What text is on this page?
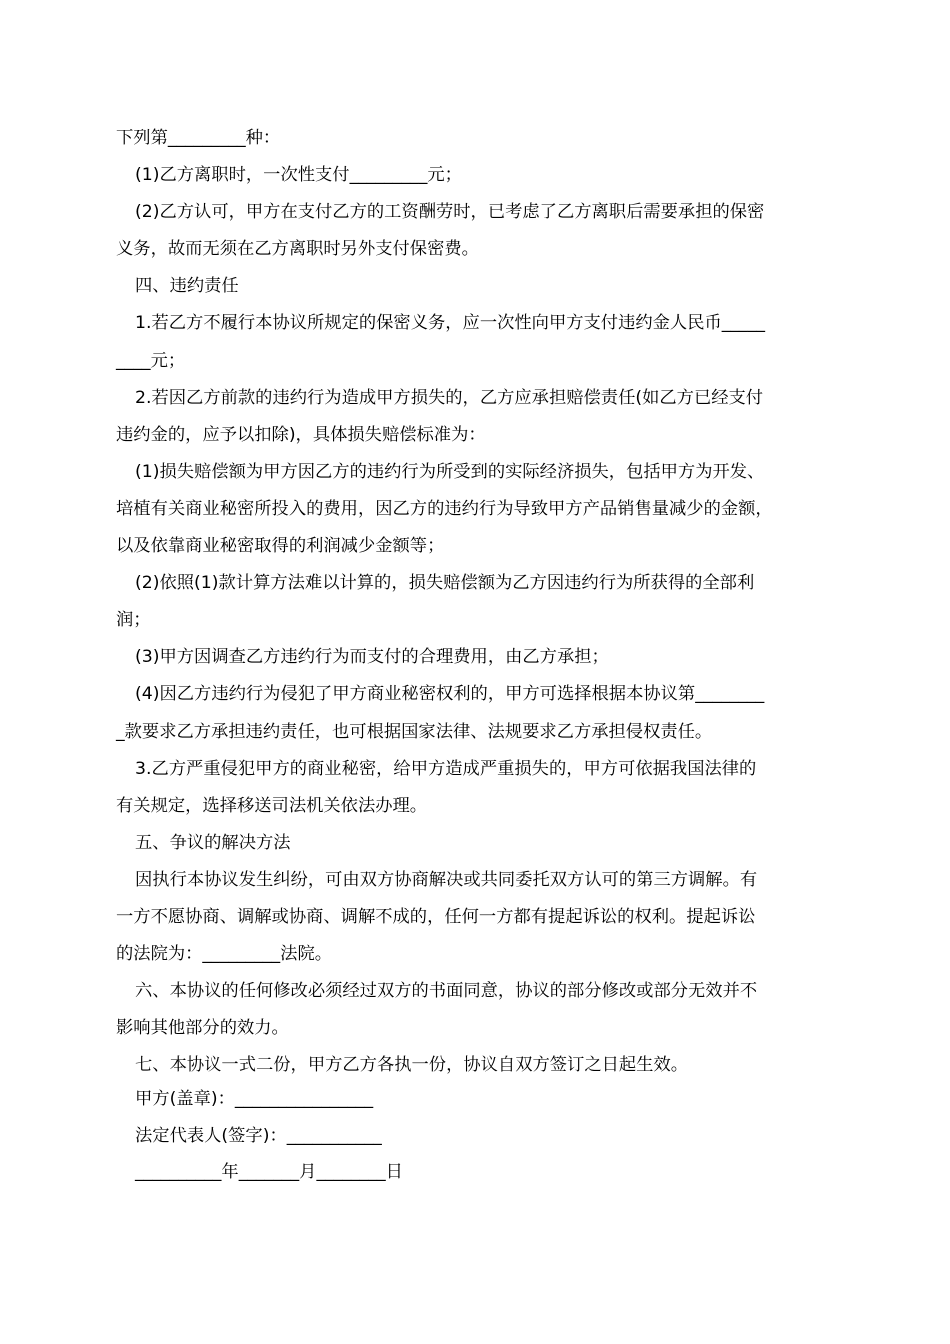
下列第_________种：
(1)乙方离职时，一次性支付_________元；
(2)乙方认可，甲方在支付乙方的工资酬劳时，已考虑了乙方离职后需要承担的保密
义务，故而无须在乙方离职时另外支付保密费。
四、违约责任
1.若乙方不履行本协议所规定的保密义务，应一次性向甲方支付违约金人民币_____
____元；
2.若因乙方前款的违约行为造成甲方损失的，乙方应承担赔偿责任(如乙方已经支付
违约金的，应予以扣除)，具体损失赔偿标准为：
(1)损失赔偿额为甲方因乙方的违约行为所受到的实际经济损失，包括甲方为开发、
培植有关商业秘密所投入的费用，因乙方的违约行为导致甲方产品销售量减少的金额，
以及依靠商业秘密取得的利润减少金额等；
(2)依照(1)款计算方法难以计算的，损失赔偿额为乙方因违约行为所获得的全部利
润；
(3)甲方因调查乙方违约行为而支付的合理费用，由乙方承担；
(4)因乙方违约行为侵犯了甲方商业秘密权利的，甲方可选择根据本协议第________
_款要求乙方承担违约责任，也可根据国家法律、法规要求乙方承担侵权责任。
3.乙方严重侵犯甲方的商业秘密，给甲方造成严重损失的，甲方可依据我国法律的
有关规定，选择移送司法机关依法办理。
五、争议的解决方法
因执行本协议发生纠纷，可由双方协商解决或共同委托双方认可的第三方调解。有
一方不愿协商、调解或协商、调解不成的，任何一方都有提起诉讼的权利。提起诉讼
的法院为：_________法院。
六、本协议的任何修改必须经过双方的书面同意，协议的部分修改或部分无效并不
影响其他部分的效力。
七、本协议一式二份，甲方乙方各执一份，协议自双方签订之日起生效。
甲方(盖章)：________________
法定代表人(签字)：___________
__________年_______月________日
